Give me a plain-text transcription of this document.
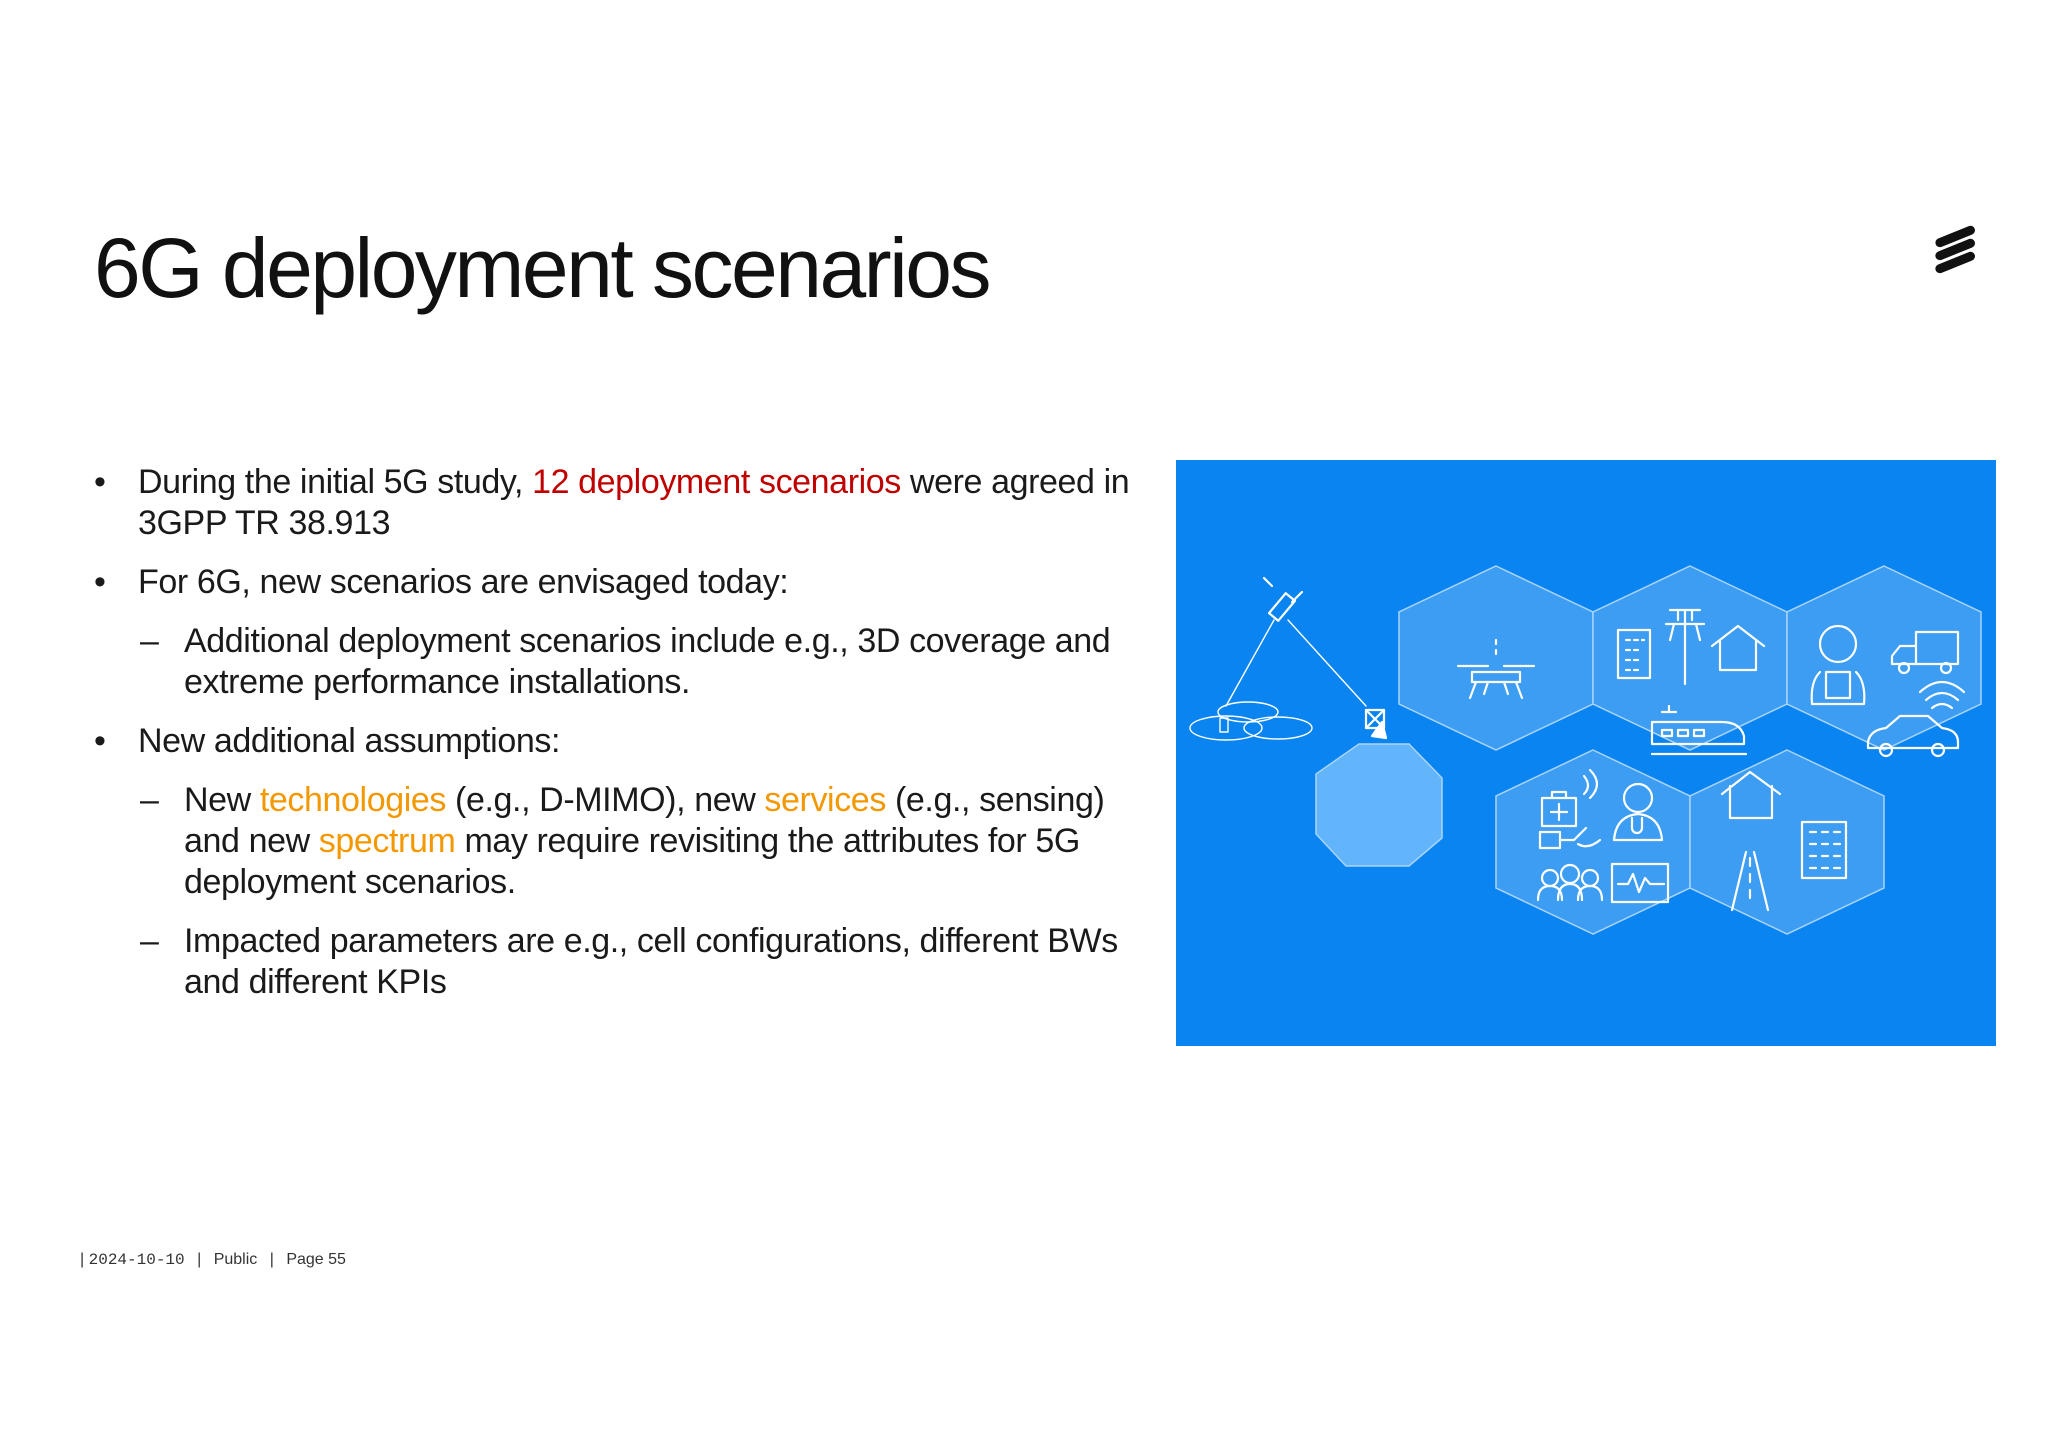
6G deployment scenarios
• During the initial 5G study, 12 deployment scenarios were agreed in 3GPP TR 38.913
• For 6G, new scenarios are envisaged today:
– Additional deployment scenarios include e.g., 3D coverage and extreme performance installations.
• New additional assumptions:
– New technologies (e.g., D-MIMO), new services (e.g., sensing) and new spectrum may require revisiting the attributes for 5G deployment scenarios.
– Impacted parameters are e.g., cell configurations, different BWs and different KPIs
| 2024-10-10 | Public | Page 55
